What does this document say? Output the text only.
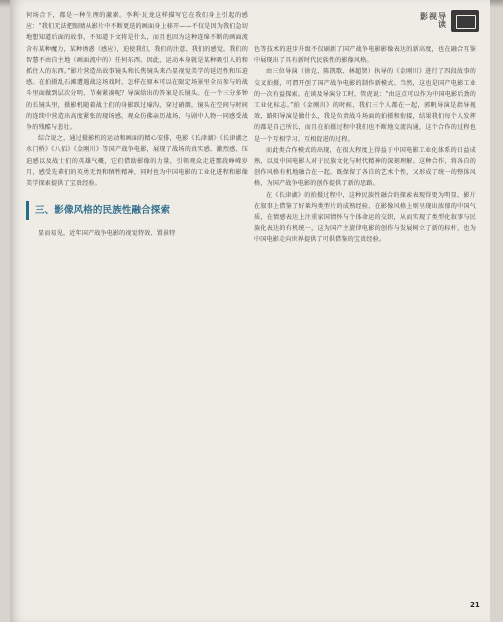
影视导读

何场合下，都是一种生理的激素。李利·瓦龙这样描写它在我们身上引起的感应：“我们无法把眼睛从影片中不断更迭的画面身上移开——不仅是因为我们急切地想知道后面的故事，不知道下文将是什么，而且也因为这种连绵不断的画面流含有某种魔力，某种诱惑（感应），迫使我们，我们的注意、我们的感觉，我们的智慧不由自主地（画面流中的）任何东西。因此，运动本身就是某种吸引人的和抓住人的东西。”影片营造出故事镜头和长焦镜头来凸显视觉美学的延迟性和压迫感。在拍摄乱石滩遭遇战这场戏时，怎样在原本可以在限定场景里全员参与的战斗里面做到层次分明、节奏紧凑呢？导演给出的答案是长镜头。在一个三分多钟的长镜头里，摄影机随着战士们的身影跃过壕沟、穿过硝烟，镜头在空间与时间的连续中营造出高度紧张的现场感，观众仿佛亲历战场，与剧中人物一同感受战争的残酷与悲壮。

综合说之，通过摄影机的运动和画面的精心安排，电影《长津湖》《长津湖之水门桥》《八佰》《金刚川》等国产战争电影，展现了战场的真实感、激烈感、压迫感以及战士们的英雄气概，它们借助影像的力量，引领观众走进那段峥嵘岁月，感受先辈们的英勇无畏和牺牲精神，同时也为中国电影的工业化进程和影像美学探索提供了宝贵经验。

三、影像风格的民族性融合探索

显而易见，近年国产战争电影的视觉特效、置景特

色等技术的进步升级不仅刷新了国产战争电影影像表达的新高度，也在融合互鉴中展现出了具有新时代民族性的影像风格。

由三位导演（徐克、陈凯歌、林超贤）执导的《金刚川》进行了四段故事的交叉拍摄，可谓开创了国产战争电影的制作新模式。当然，这也是国产电影工业的一次有益探索。在谈及导演分工时，管虎说：“由这点可以作为中国电影后劲的工业化标志。”拍《金刚川》的时候，我们三个人都在一起，郭帆导演是指导视效，路阳导演是做什么，我是负责战斗场面的拍摄和衔接，结果我们每个人发挥的都是自己所长，而且在拍摄过程中我们也不断地交流沟通，这个合作的过程也是一个互相学习、互相促进的过程。

而此类合作模式的出现，在很大程度上得益于中国电影工业化体系的日益成熟，以及中国电影人对于民族文化与时代精神的深刻理解。这种合作，将各自的创作风格有机地融合在一起，既保留了各自的艺术个性，又形成了统一的整体风格，为国产战争电影的创作提供了新的思路。

在《长津湖》的拍摄过程中，这种民族性融合的探索表现得更为明显。影片在叙事上借鉴了好莱坞类型片的成熟经验，在影像风格上则呈现出浓郁的中国气质，在情感表达上注重家国情怀与个体命运的交织，从而实现了类型化叙事与民族化表达的有机统一，这为国产主旋律电影的创作与发展树立了新的标杆，也为中国电影走向世界提供了可供借鉴的宝贵经验。

21
